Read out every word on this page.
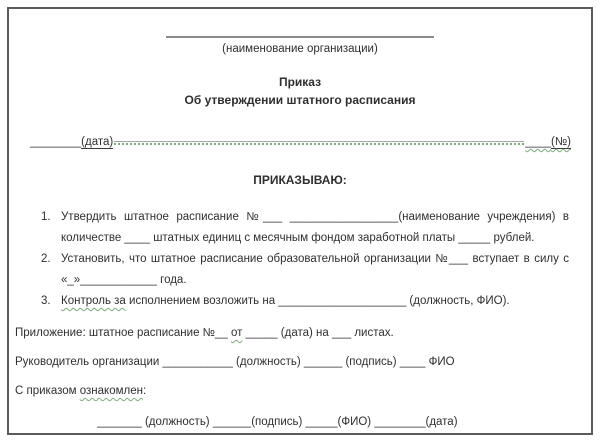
(наименование организации)
Приказ
Об утверждении штатного расписания
________ (дата)	____ (№)
ПРИКАЗЫВАЮ:
1. Утвердить штатное расписание №___ _________________(наименование учреждения) в количестве ____ штатных единиц с месячным фондом заработной платы _____ рублей.
2. Установить, что штатное расписание образовательной организации №___ вступает в силу с «_»____________ года.
3. Контроль за исполнением возложить на ____________________ (должность, ФИО).
Приложение: штатное расписание №__ от _____ (дата) на ___ листах.
Руководитель организации ___________ (должность) ______ (подпись) ____ ФИО
С приказом ознакомлен:
_______ (должность) ______(подпись) _____(ФИО) ________(дата)
